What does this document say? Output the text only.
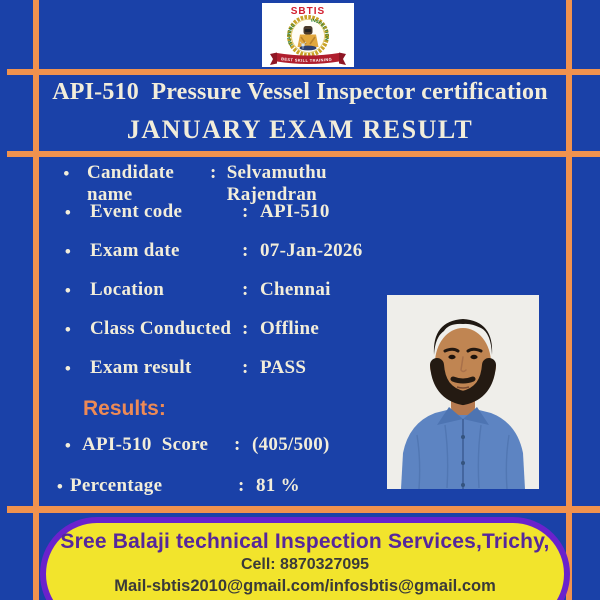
SBTIS
TRAINING
INSPECTION
BEST SKILL TRAINING
API-510  Pressure Vessel Inspector certification
JANUARY EXAM RESULT
• Candidate name
: Selvamuthu Rajendran
• Event code	: API-510
• Exam date	: 07-Jan-2026
• Location	: Chennai
• Class Conducted : Offline
• Exam result	: PASS
Results:
• API-510  Score	: (405/500)
• Percentage	: 81 %
Sree Balaji technical Inspection Services,Trichy,
Cell: 8870327095
Mail-sbtis2010@gmail.com/infosbtis@gmail.com
